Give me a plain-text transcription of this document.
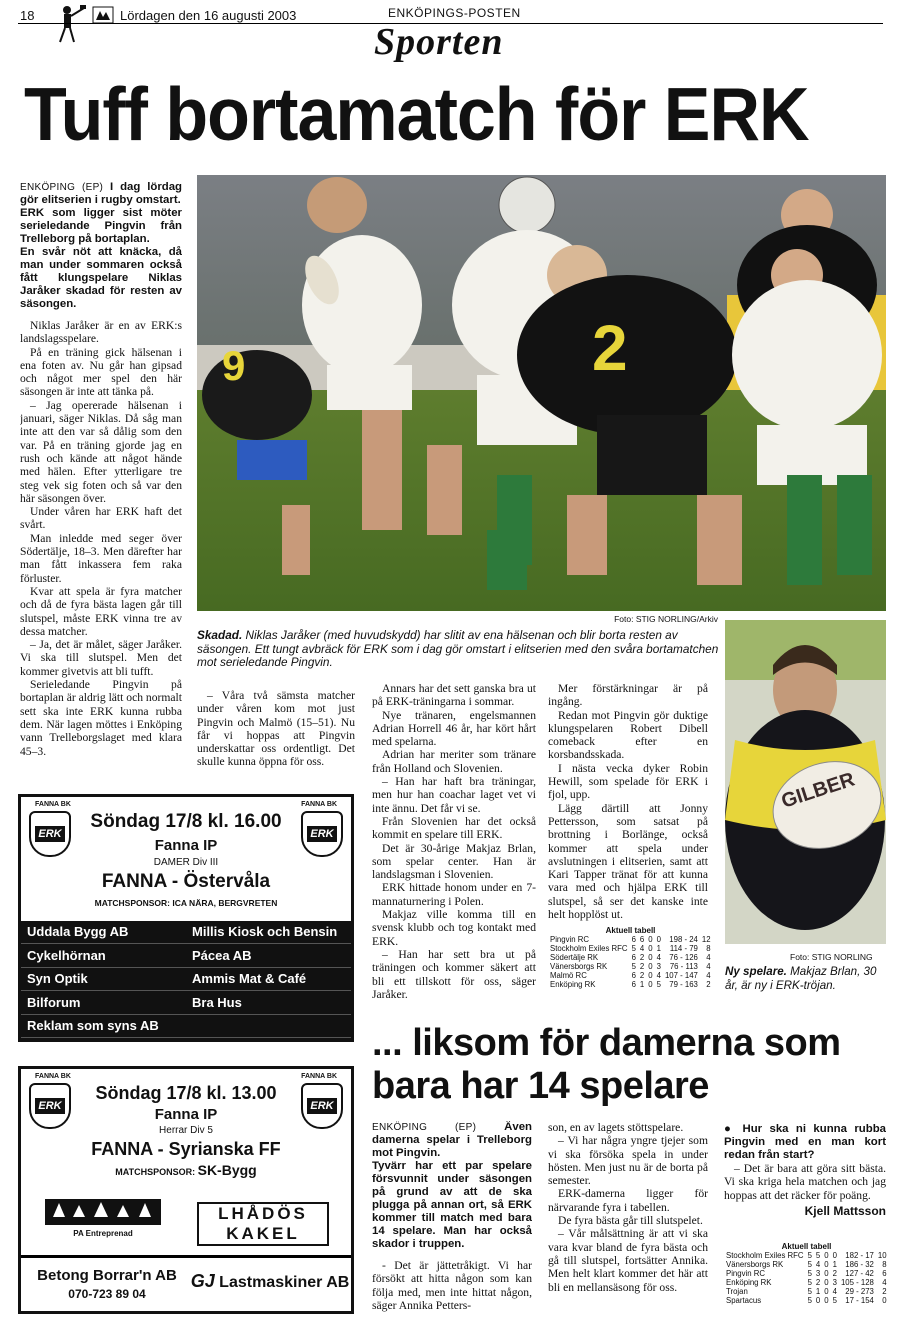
18	Lördagen den 16 augusti 2003	ENKÖPINGS-POSTEN
Sporten
Tuff bortamatch för ERK

ENKÖPING (EP) I dag lördag gör elitserien i rugby omstart.

ERK som ligger sist möter serieledande Pingvin från Trelleborg på bortaplan.

En svår nöt att knäcka, då man under sommaren också fått klungspelare Niklas Jaråker skadad för resten av säsongen.

Niklas Jaråker är en av ERK:s landslagsspelare.

På en träning gick hälsenan i ena foten av. Nu går han gipsad och något mer spel den här säsongen är inte att tänka på.

– Jag opererade hälsenan i januari, säger Niklas. Då såg man inte att den var så dålig som den var. På en träning gjorde jag en rush och kände att något hände med hälen. Efter ytterligare tre steg vek sig foten och så var den här säsongen över.

Under våren har ERK haft det svårt.

Man inledde med seger över Södertälje, 18–3. Men därefter har man fått inkassera fem raka förluster.

Kvar att spela är fyra matcher och då de fyra bästa lagen går till slutspel, måste ERK vinna tre av dessa matcher.

– Ja, det är målet, säger Jaråker. Vi ska till slutspel. Men det kommer givetvis att bli tufft.

Serieledande Pingvin på bortaplan är aldrig lätt och normalt sett ska inte ERK kunna rubba dem. När lagen möttes i Enköping vann Trelleborgslaget med klara 45–3.

9	2
Foto: STIG NORLING/Arkiv
Skadad. Niklas Jaråker (med huvudskydd) har slitit av ena hälsenan och blir borta resten av säsongen. Ett tungt avbräck för ERK som i dag gör omstart i elitserien med den svåra bortamatchen mot serieledande Pingvin.
GILBER
Foto: STIG NORLING
Ny spelare. Makjaz Brlan, 30 år, är ny i ERK-tröjan.

– Våra två sämsta matcher under våren kom mot just Pingvin och Malmö (15–51). Nu får vi hoppas att Pingvin underskattar oss ordentligt. Det skulle kunna öppna för oss.

Annars har det sett ganska bra ut på ERK-träningarna i sommar.

Nye tränaren, engelsmannen Adrian Horrell 46 år, har kört hårt med spelarna.

Adrian har meriter som tränare från Holland och Slovenien.

– Han har haft bra träningar, men hur han coachar laget vet vi inte ännu. Det får vi se.

Från Slovenien har det också kommit en spelare till ERK.

Det är 30-årige Makjaz Brlan, som spelar center. Han är landslagsman i Slovenien.

ERK hittade honom under en 7-mannaturnering i Polen.

Makjaz ville komma till en svensk klubb och tog kontakt med ERK.

– Han har sett bra ut på träningen och kommer säkert att bli ett tillskott för oss, säger Jaråker.

Mer förstärkningar är på ingång.

Redan mot Pingvin gör duktige klungspelaren Robert Dibell comeback efter en korsbandsskada.

I nästa vecka dyker Robin Hewill, som spelade för ERK i fjol, upp.

Lägg därtill att Jonny Pettersson, som satsat på brottning i Borlänge, också kommer att spela under avslutningen i elitserien, samt att Kari Tapper tränat för att kunna vara med och hjälpa ERK till slutspel, så ser det kanske inte helt hopplöst ut.

Aktuell tabell
Pingvin RC	6	6	0	0	198 - 24	12
Stockholm Exiles RFC	5	4	0	1	114 - 79	8
Södertälje RK	6	2	0	4	76 - 126	4
Vänersborgs RK	5	2	0	3	76 - 113	4
Malmö RC	6	2	0	4	107 - 147	4
Enköping RK	6	1	0	5	79 - 163	2
... liksom för damerna som bara har 14 spelare

ENKÖPING (EP) Även damerna spelar i Trelleborg mot Pingvin.

Tyvärr har ett par spelare försvunnit under säsongen på grund av att de ska plugga på annan ort, så ERK kommer till match med bara 14 spelare. Man har också skador i truppen.

- Det är jättetråkigt. Vi har försökt att hitta någon som kan följa med, men inte hittat någon, säger Annika Petters-

son, en av lagets stöttspelare.

– Vi har några yngre tjejer som vi ska försöka spela in under hösten. Men just nu är de borta på semester.

ERK-damerna ligger för närvarande fyra i tabellen.

De fyra bästa går till slutspelet.

– Vår målsättning är att vi ska vara kvar bland de fyra bästa och gå till slutspel, fortsätter Annika. Men helt klart kommer det här att bli en mellansäsong för oss.

● Hur ska ni kunna rubba Pingvin med en man kort redan från start?

– Det är bara att göra sitt bästa. Vi ska kriga hela matchen och jag hoppas att det räcker för poäng.

Kjell Mattsson
Aktuell tabell
Stockholm Exiles RFC	5	5	0	0	182 - 17	10
Vänersborgs RK	5	4	0	1	186 - 32	8
Pingvin RC	5	3	0	2	127 - 42	6
Enköping RK	5	2	0	3	105 - 128	4
Trojan	5	1	0	4	29 - 273	2
Spartacus	5	0	0	5	17 - 154	0
FANNA BK
ERK
FANNA BK
ERK
Söndag 17/8 kl. 16.00
Fanna IP
DAMER Div III
FANNA - Östervåla
MATCHSPONSOR: ICA NÄRA, BERGVRETEN
Uddala Bygg AB	Millis Kiosk och Bensin
Cykelhörnan	Pácea AB
Syn Optik	Ammis Mat & Café
Bilforum	Bra Hus
Reklam som syns AB
FANNA BK
ERK
FANNA BK
ERK
Söndag 17/8 kl. 13.00
Fanna IP
Herrar Div 5
FANNA - Syrianska FF
MATCHSPONSOR: SK-Bygg
PA Entreprenad
LHÅDÖS KAKEL
Betong Borrar'n AB
070-723 89 04
GJ Lastmaskiner AB
